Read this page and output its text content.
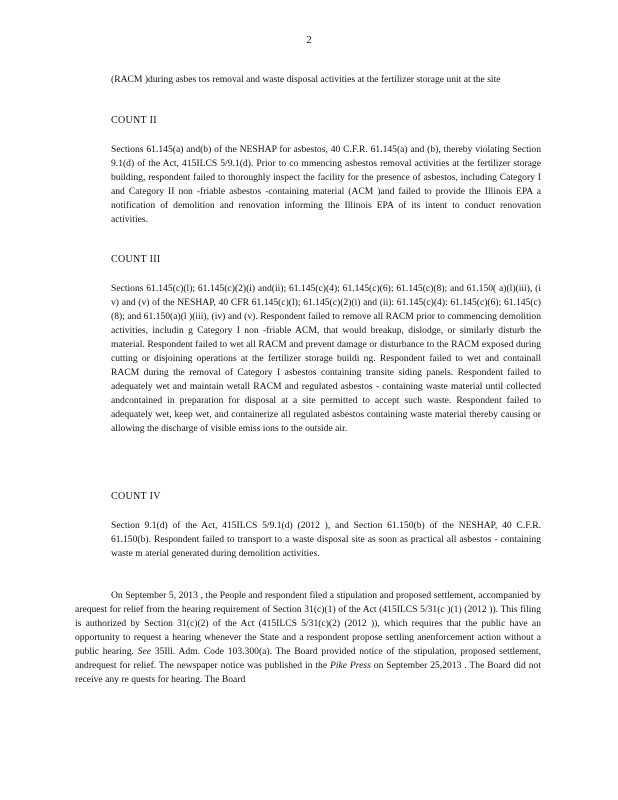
2

(RACM )during asbes tos removal and waste disposal activities at the fertilizer storage unit at the site

COUNT II

Sections 61.145(a) and(b) of the NESHAP for asbestos, 40 C.F.R. 61.145(a) and (b), thereby violating Section 9.1(d) of the Act, 415ILCS 5/9.1(d). Prior to co mmencing asbestos removal activities at the fertilizer storage building, respondent failed to thoroughly inspect the facility for the presence of asbestos, including Category I and Category II non -friable asbestos -containing material (ACM )and failed to provide the Illinois EPA a notification of demolition and renovation informing the Illinois EPA of its intent to conduct renovation activities.

COUNT III

Sections 61.145(c)(l); 61.145(c)(2)(i) and(ii); 61.145(c)(4); 61.145(c)(6); 61.145(c)(8); and 61.150( a)(l)(iii), (i v) and (v) of the NESHAP, 40 CFR 61.145(c)(l); 61.145(c)(2)(i) and (ii): 61.145(c)(4): 61.145(c)(6); 61.145(c)(8); and 61.150(a)(l )(iii), (iv) and (v). Respondent failed to remove all RACM prior to commencing demolition activities, includin g Category I non -friable ACM, that would breakup, dislodge, or similarly disturb the material. Respondent failed to wet all RACM and prevent damage or disturbance to the RACM exposed during cutting or disjoining operations at the fertilizer storage buildi ng. Respondent failed to wet and containall RACM during the removal of Category I asbestos containing transite siding panels. Respondent failed to adequately wet and maintain wetall RACM and regulated asbestos - containing waste material until collected andcontained in preparation for disposal at a site permitted to accept such waste. Respondent failed to adequately wet, keep wet, and containerize all regulated asbestos containing waste material thereby causing or allowing the discharge of visible emiss ions to the outside air.

COUNT IV

Section 9.1(d) of the Act, 415ILCS 5/9.1(d) (2012 ), and Section 61.150(b) of the NESHAP, 40 C.F.R. 61.150(b). Respondent failed to transport to a waste disposal site as soon as practical all asbestos - containing waste m aterial generated during demolition activities.

On September 5, 2013 , the People and respondent filed a stipulation and proposed settlement, accompanied by arequest for relief from the hearing requirement of Section 31(c)(1) of the Act (415ILCS 5/31(c )(1) (2012 )). This filing is authorized by Section 31(c)(2) of the Act (415ILCS 5/31(c)(2) (2012 )), which requires that the public have an opportunity to request a hearing whenever the State and a respondent propose settling anenforcement action without a public hearing. See 35Ill. Adm. Code 103.300(a). The Board provided notice of the stipulation, proposed settlement, andrequest for relief. The newspaper notice was published in the Pike Press on September 25,2013 . The Board did not receive any re quests for hearing. The Board
